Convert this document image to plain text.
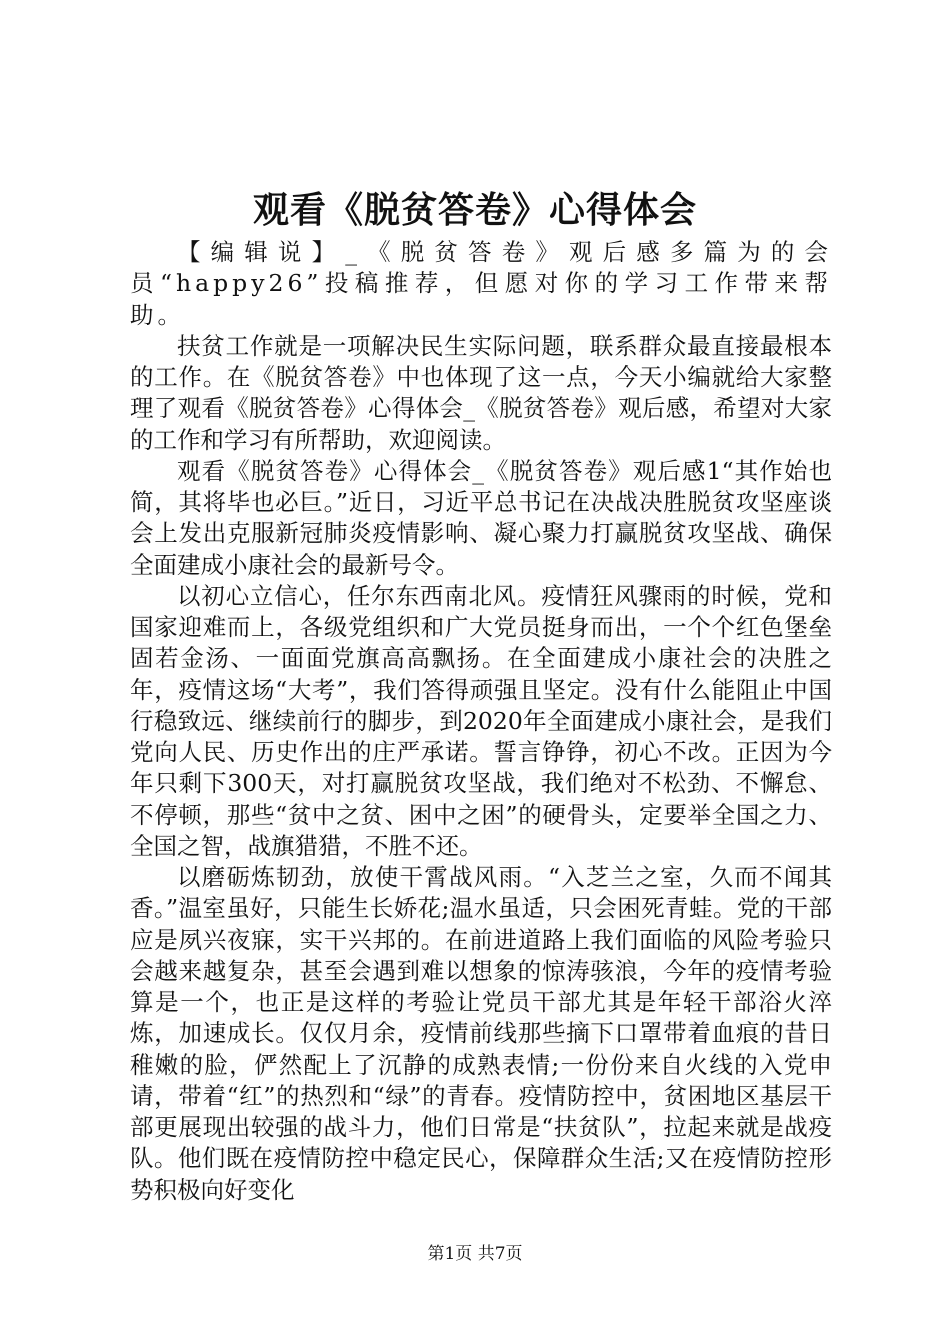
观看《脱贫答卷》心得体会

【编辑说】_《脱贫答卷》观后感多篇为的会员“happy26”投稿推荐，但愿对你的学习工作带来帮助。

扶贫工作就是一项解决民生实际问题，联系群众最直接最根本的工作。在《脱贫答卷》中也体现了这一点，今天小编就给大家整理了观看《脱贫答卷》心得体会_《脱贫答卷》观后感，希望对大家的工作和学习有所帮助，欢迎阅读。

观看《脱贫答卷》心得体会_《脱贫答卷》观后感1“其作始也简，其将毕也必巨。”近日，习近平总书记在决战决胜脱贫攻坚座谈会上发出克服新冠肺炎疫情影响、凝心聚力打赢脱贫攻坚战、确保全面建成小康社会的最新号令。

以初心立信心，任尔东西南北风。疫情狂风骤雨的时候，党和国家迎难而上，各级党组织和广大党员挺身而出，一个个红色堡垒固若金汤、一面面党旗高高飘扬。在全面建成小康社会的决胜之年，疫情这场“大考”，我们答得顽强且坚定。没有什么能阻止中国行稳致远、继续前行的脚步，到2020年全面建成小康社会，是我们党向人民、历史作出的庄严承诺。誓言铮铮，初心不改。正因为今年只剩下300天，对打赢脱贫攻坚战，我们绝对不松劲、不懈怠、不停顿，那些“贫中之贫、困中之困”的硬骨头，定要举全国之力、全国之智，战旗猎猎，不胜不还。

以磨砺炼韧劲，放使干霄战风雨。“入芝兰之室，久而不闻其香。”温室虽好，只能生长娇花;温水虽适，只会困死青蛙。党的干部应是夙兴夜寐，实干兴邦的。在前进道路上我们面临的风险考验只会越来越复杂，甚至会遇到难以想象的惊涛骇浪，今年的疫情考验算是一个，也正是这样的考验让党员干部尤其是年轻干部浴火淬炼，加速成长。仅仅月余，疫情前线那些摘下口罩带着血痕的昔日稚嫩的脸，俨然配上了沉静的成熟表情;一份份来自火线的入党申请，带着“红”的热烈和“绿”的青春。疫情防控中，贫困地区基层干部更展现出较强的战斗力，他们日常是“扶贫队”，拉起来就是战疫队。他们既在疫情防控中稳定民心，保障群众生活;又在疫情防控形势积极向好变化

第1页 共7页
